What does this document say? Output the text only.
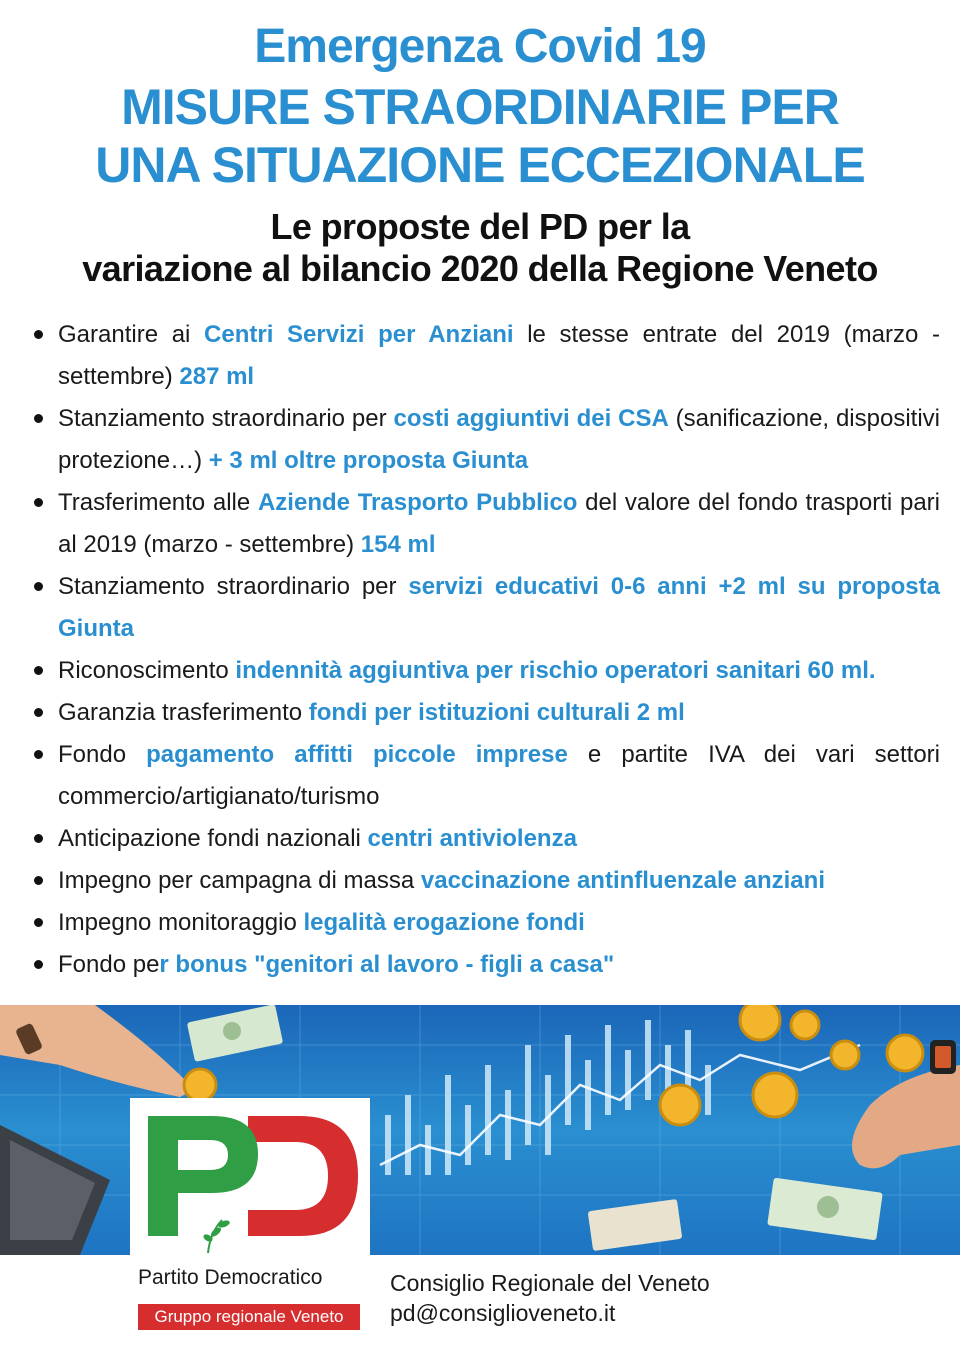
Emergenza Covid 19
MISURE STRAORDINARIE PER
UNA SITUAZIONE ECCEZIONALE
Le proposte del PD per la
variazione al bilancio 2020 della Regione Veneto
Garantire ai Centri Servizi per Anziani le stesse entrate del 2019 (marzo - settembre) 287 ml
Stanziamento straordinario per costi aggiuntivi dei CSA (sanificazione, dispositivi protezione…) + 3 ml oltre proposta Giunta
Trasferimento alle Aziende Trasporto Pubblico del valore del fondo trasporti pari al 2019 (marzo - settembre) 154 ml
Stanziamento straordinario per servizi educativi 0-6 anni +2 ml su proposta Giunta
Riconoscimento indennità aggiuntiva per rischio operatori sanitari 60 ml.
Garanzia trasferimento fondi per istituzioni culturali 2 ml
Fondo pagamento affitti piccole imprese e partite IVA dei vari settori commercio/artigianato/turismo
Anticipazione fondi nazionali centri antiviolenza
Impegno per campagna di massa vaccinazione antinfluenzale anziani
Impegno monitoraggio legalità erogazione fondi
Fondo per bonus "genitori al lavoro - figli a casa"
Partito Democratico
Gruppo regionale Veneto
Consiglio Regionale del Veneto
pd@consiglioveneto.it
